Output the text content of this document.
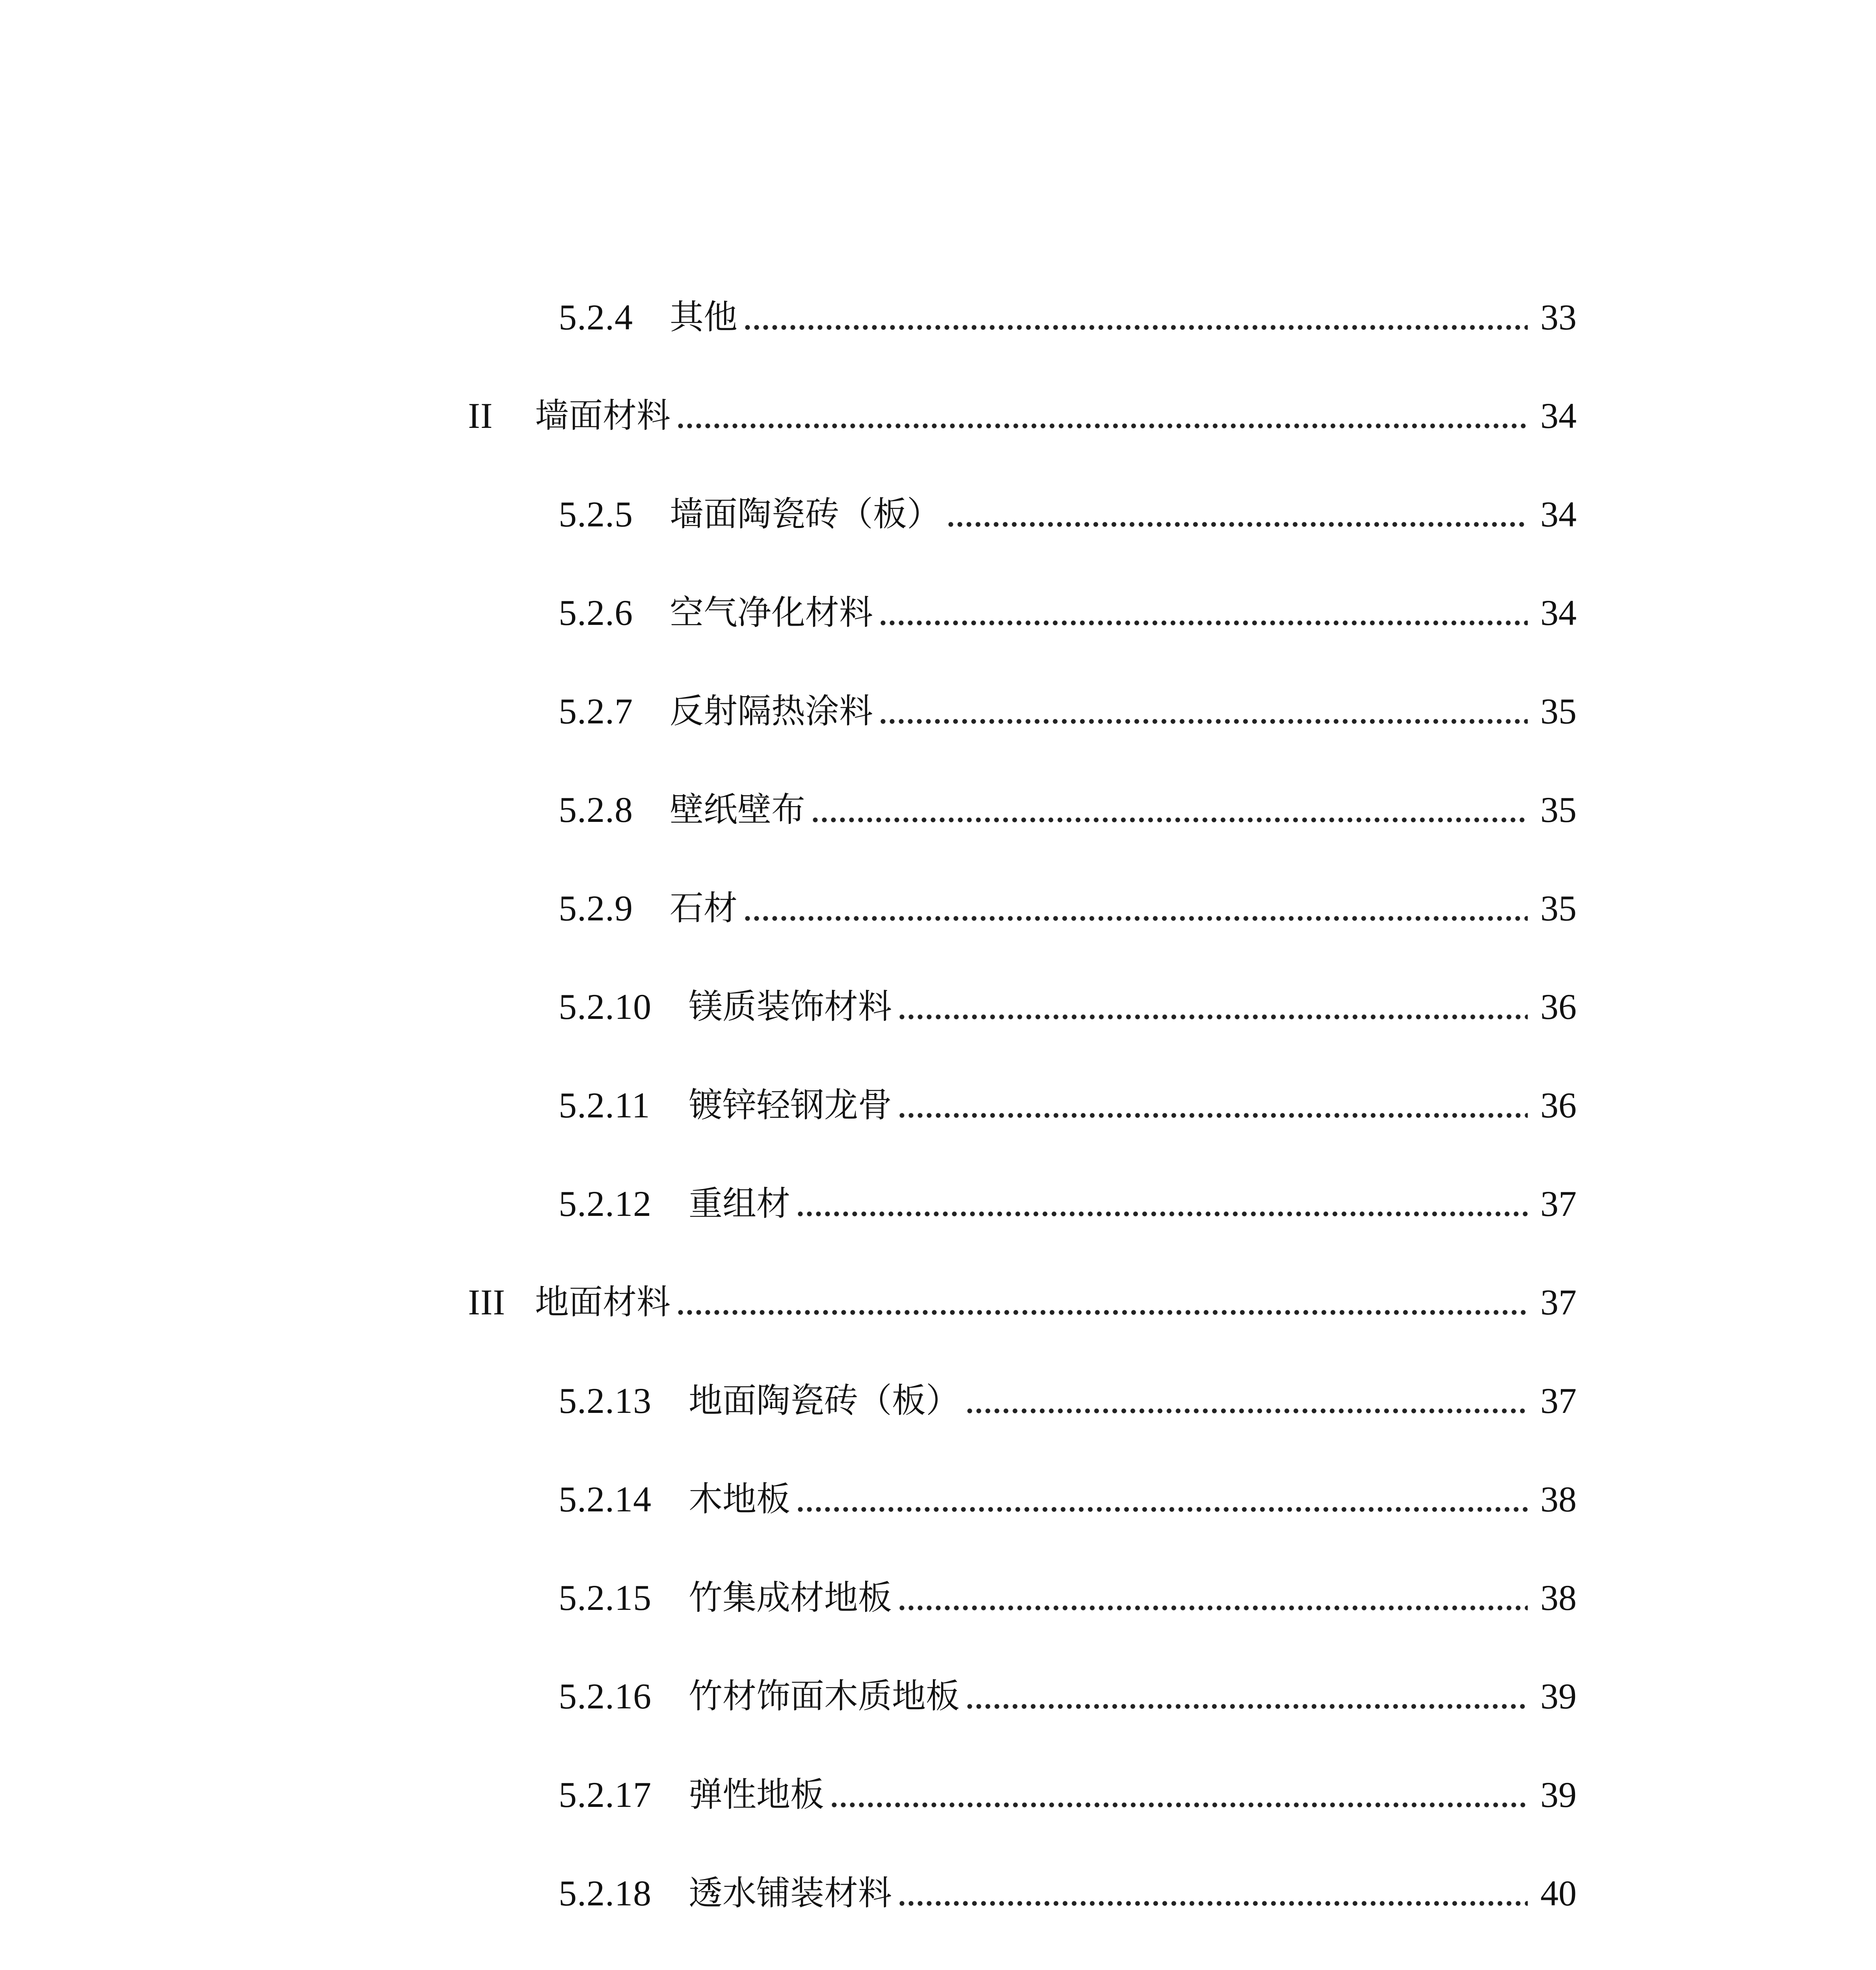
5.2.4	其他	33
II	墙面材料	34
5.2.5	墙面陶瓷砖（板）	34
5.2.6	空气净化材料	34
5.2.7	反射隔热涂料	35
5.2.8	壁纸壁布	35
5.2.9	石材	35
5.2.10	镁质装饰材料	36
5.2.11	镀锌轻钢龙骨	36
5.2.12	重组材	37
III 地面材料	37
5.2.13	地面陶瓷砖（板）	37
5.2.14	木地板	38
5.2.15	竹集成材地板	38
5.2.16	竹材饰面木质地板	39
5.2.17	弹性地板	39
5.2.18	透水铺装材料	40
